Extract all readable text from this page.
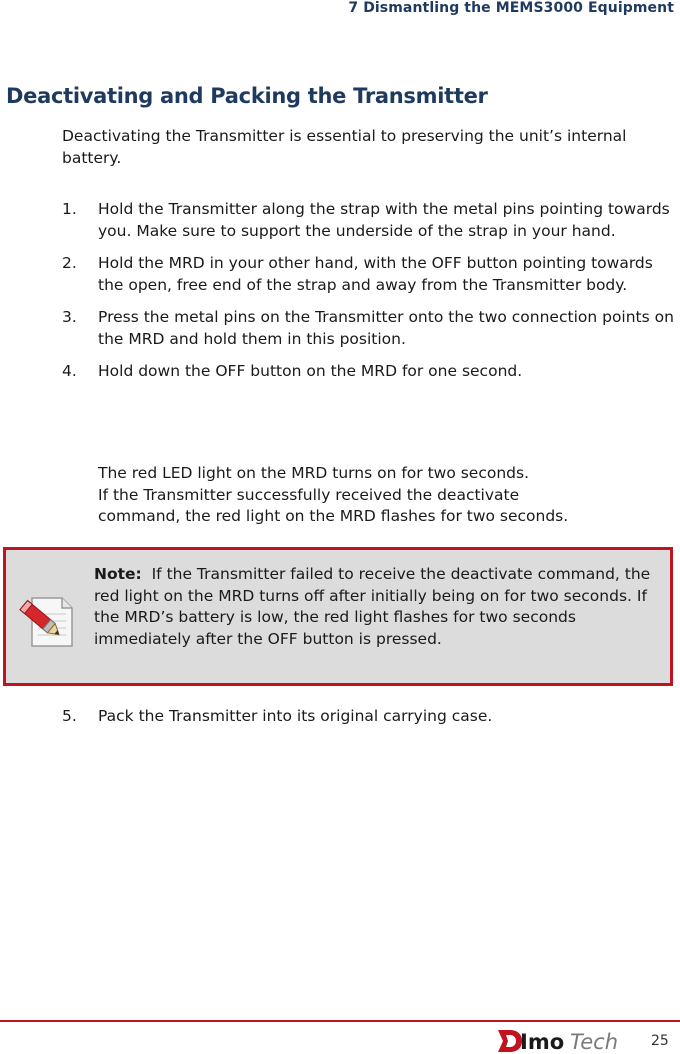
7 Dismantling the MEMS3000 Equipment
Deactivating and Packing the Transmitter

Deactivating the Transmitter is essential to preserving the unit’s internal battery.

1. Hold the Transmitter along the strap with the metal pins pointing towards you. Make sure to support the underside of the strap in your hand.
2. Hold the MRD in your other hand, with the OFF button pointing towards the open, free end of the strap and away from the Transmitter body.
3. Press the metal pins on the Transmitter onto the two connection points on the MRD and hold them in this position.
4. Hold down the OFF button on the MRD for one second.
The red LED light on the MRD turns on for two seconds.
If the Transmitter successfully received the deactivate
command, the red light on the MRD flashes for two seconds.

Note: If the Transmitter failed to receive the deactivate command, the red light on the MRD turns off after initially being on for two seconds. If the MRD’s battery is low, the red light flashes for two seconds immediately after the OFF button is pressed.

5. Pack the Transmitter into its original carrying case.
Imo Tech 25
